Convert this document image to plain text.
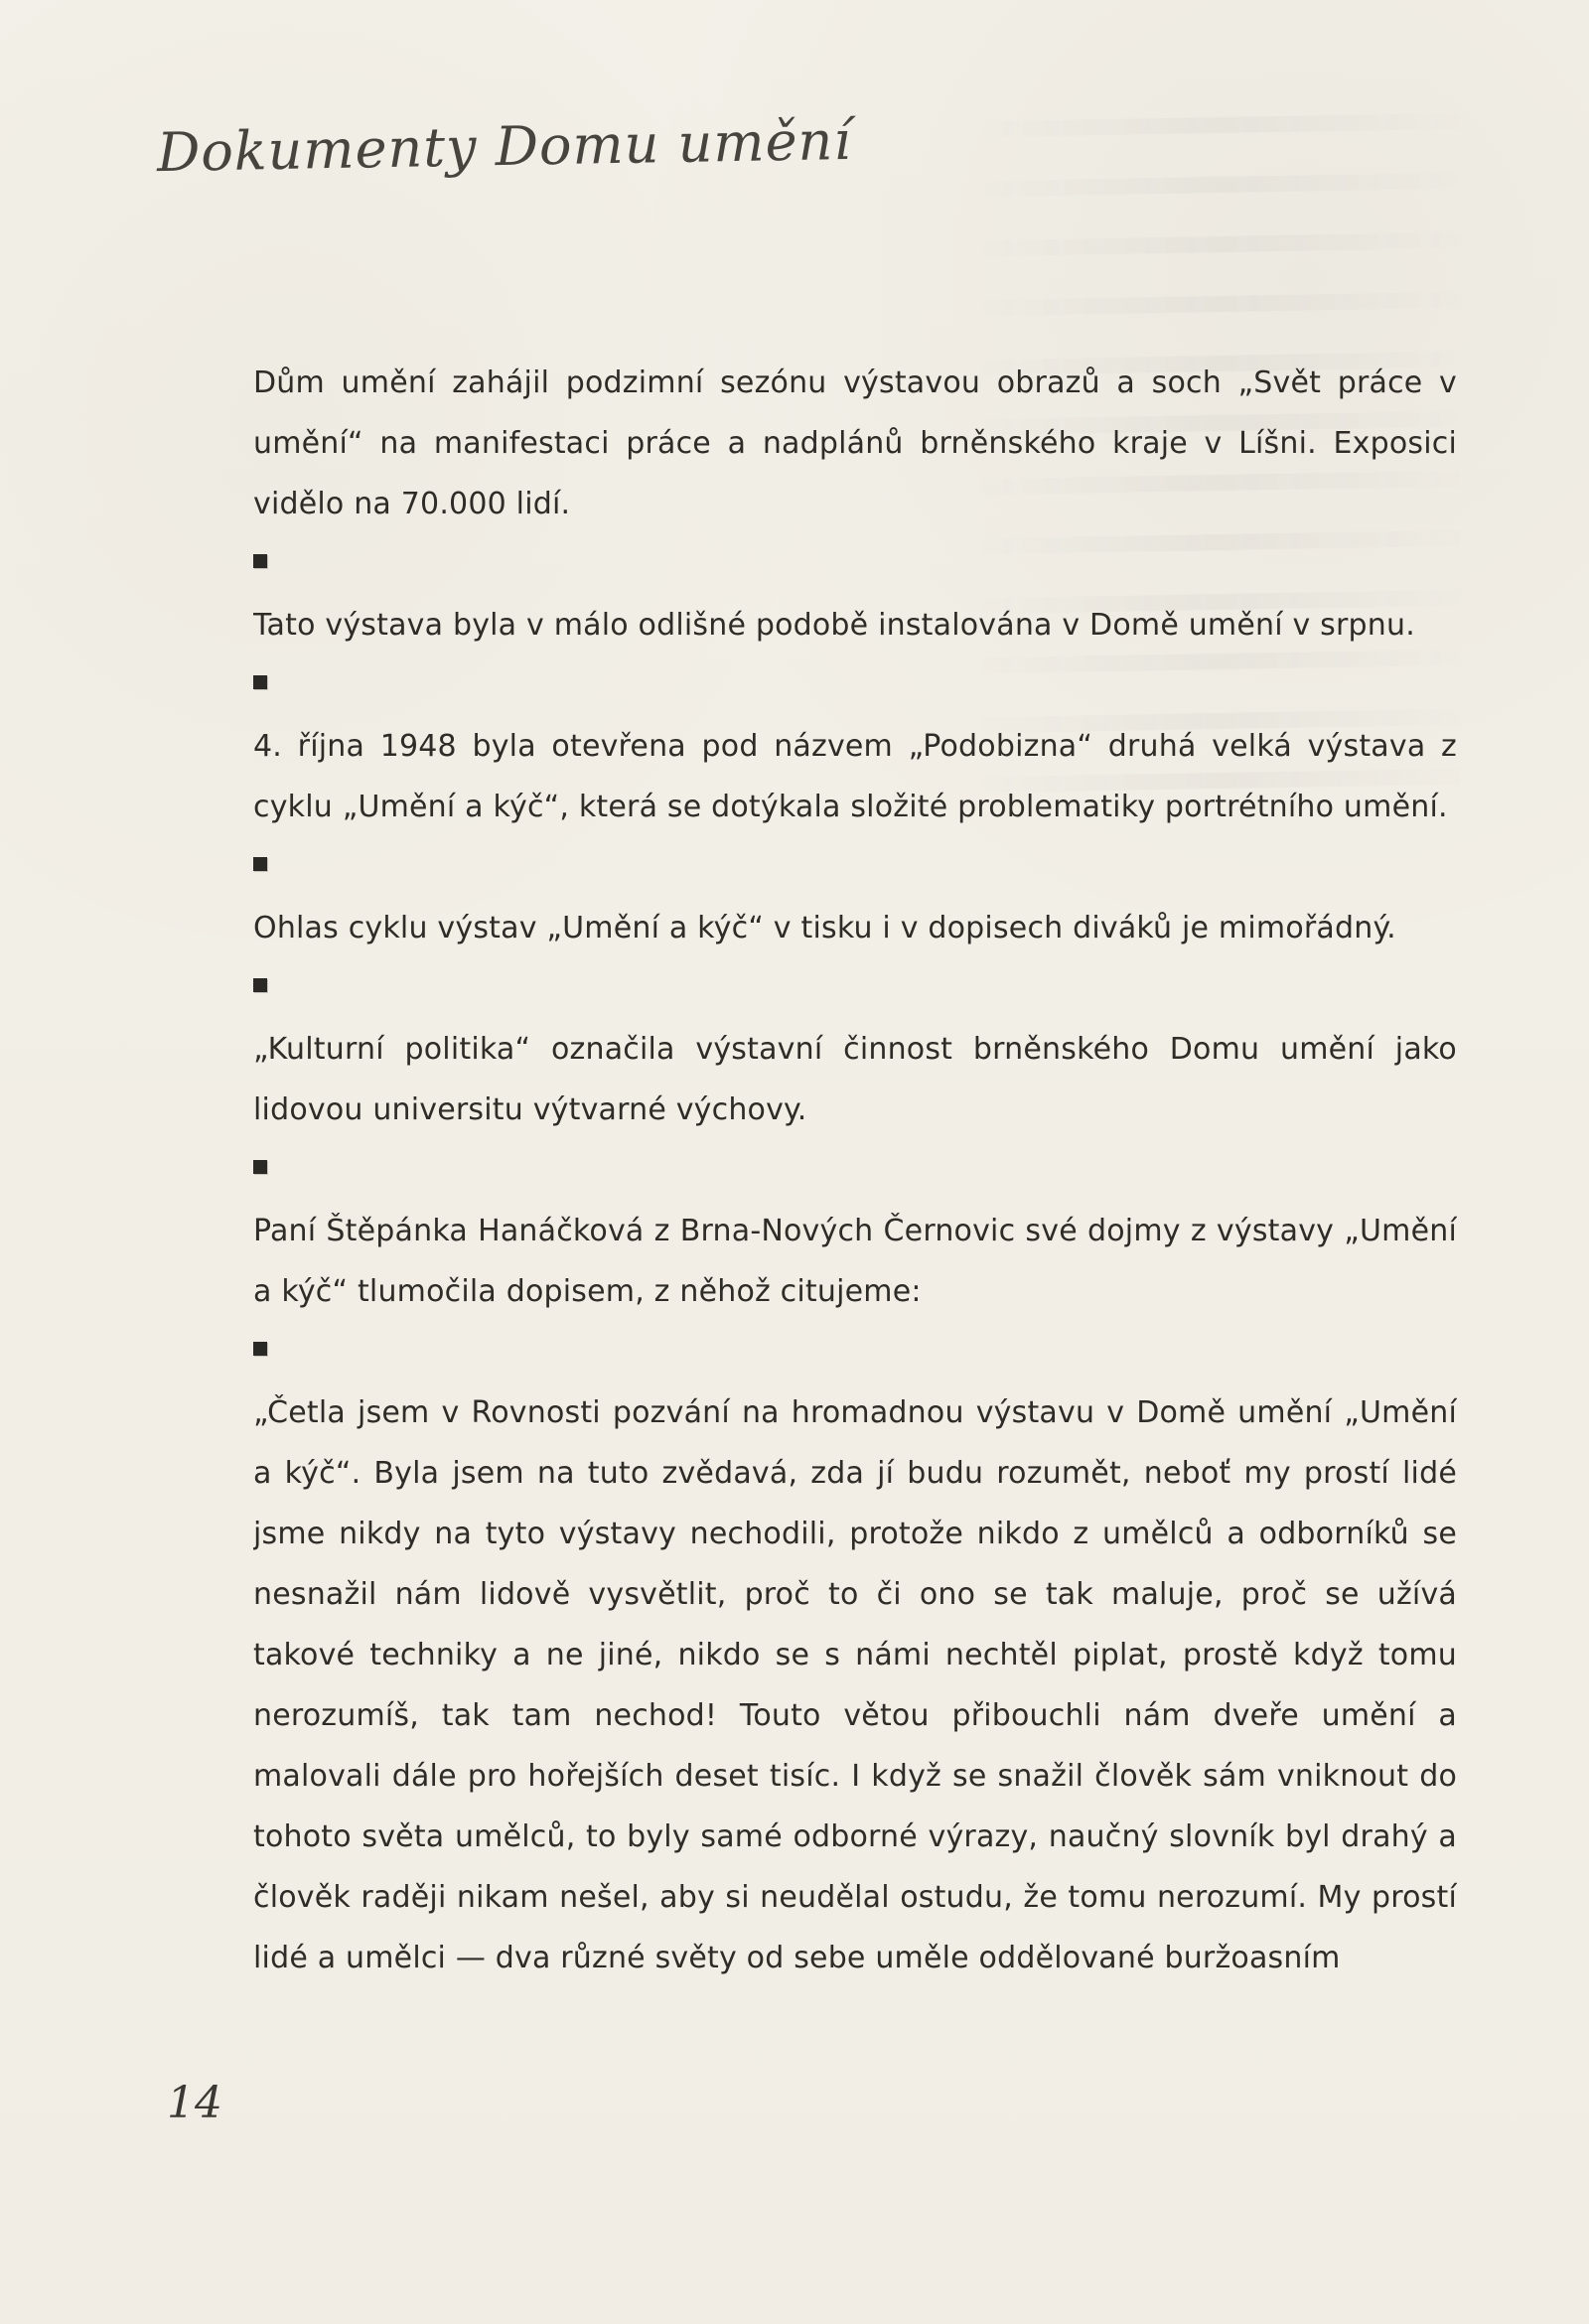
Dokumenty Domu umění

Dům umění zahájil podzimní sezónu výstavou obrazů a soch „Svět práce v umění“ na manifestaci práce a nadplánů brněnského kraje v Líšni. Exposici vidělo na 70.000 lidí.

Tato výstava byla v málo odlišné podobě instalována v Domě umění v srpnu.

4. října 1948 byla otevřena pod názvem „Podobizna“ druhá velká výstava z cyklu „Umění a kýč“, která se dotýkala složité problematiky portrétního umění.

Ohlas cyklu výstav „Umění a kýč“ v tisku i v dopisech diváků je mimořádný.

„Kulturní politika“ označila výstavní činnost brněnského Domu umění jako lidovou universitu výtvarné výchovy.

Paní Štěpánka Hanáčková z Brna-Nových Černovic své dojmy z výstavy „Umění a kýč“ tlumočila dopisem, z něhož citujeme:

„Četla jsem v Rovnosti pozvání na hromadnou výstavu v Domě umění „Umění a kýč“. Byla jsem na tuto zvědavá, zda jí budu rozumět, neboť my prostí lidé jsme nikdy na tyto výstavy nechodili, protože nikdo z umělců a odborníků se nesnažil nám lidově vysvětlit, proč to či ono se tak maluje, proč se užívá takové techniky a ne jiné, nikdo se s námi nechtěl piplat, prostě když tomu nerozumíš, tak tam nechod! Touto větou přibouchli nám dveře umění a malovali dále pro hořejších deset tisíc. I když se snažil člověk sám vniknout do tohoto světa umělců, to byly samé odborné výrazy, naučný slovník byl drahý a člověk raději nikam nešel, aby si neudělal ostudu, že tomu nerozumí. My prostí lidé a umělci — dva různé světy od sebe uměle oddělované buržoasním

14
